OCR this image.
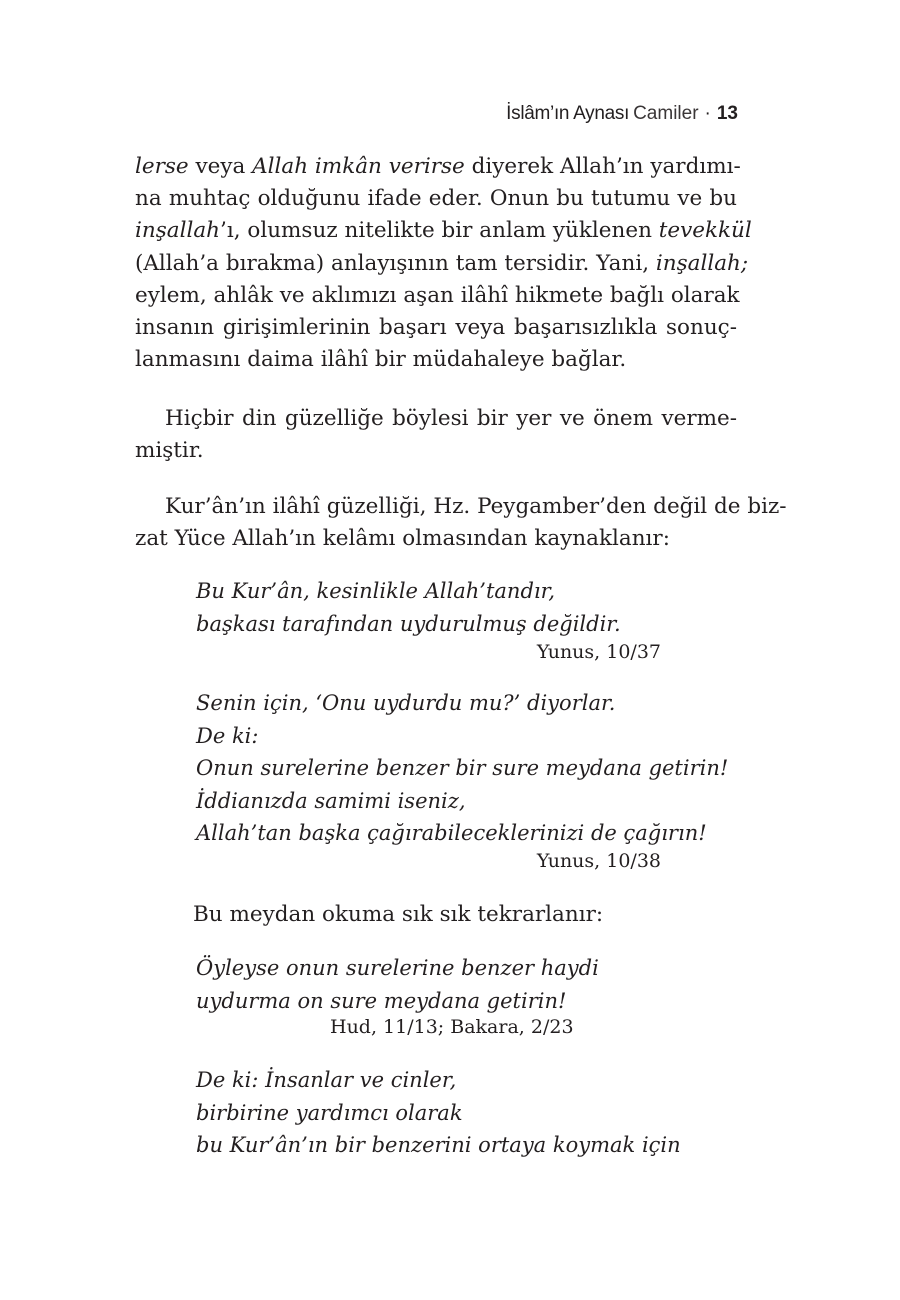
İslâm’ın Aynası Camiler · 13
lerse veya Allah imkân verirse diyerek Allah’ın yardımı-
na muhtaç olduğunu ifade eder. Onun bu tutumu ve bu
inşallah’ı, olumsuz nitelikte bir anlam yüklenen tevekkül
(Allah’a bırakma) anlayışının tam tersidir. Yani, inşallah;
eylem, ahlâk ve aklımızı aşan ilâhî hikmete bağlı olarak
insanın girişimlerinin başarı veya başarısızlıkla sonuç-
lanmasını daima ilâhî bir müdahaleye bağlar.
Hiçbir din güzelliğe böylesi bir yer ve önem verme-
miştir.
Kur’ân’ın ilâhî güzelliği, Hz. Peygamber’den değil de biz-
zat Yüce Allah’ın kelâmı olmasından kaynaklanır:
Bu Kur’ân, kesinlikle Allah’tandır,
başkası tarafından uydurulmuş değildir.
Yunus, 10/37
Senin için, ‘Onu uydurdu mu?’ diyorlar.
De ki:
Onun surelerine benzer bir sure meydana getirin!
İddianızda samimi iseniz,
Allah’tan başka çağırabileceklerinizi de çağırın!
Yunus, 10/38
Bu meydan okuma sık sık tekrarlanır:
Öyleyse onun surelerine benzer haydi
uydurma on sure meydana getirin!
Hud, 11/13; Bakara, 2/23
De ki: İnsanlar ve cinler,
birbirine yardımcı olarak
bu Kur’ân’ın bir benzerini ortaya koymak için
